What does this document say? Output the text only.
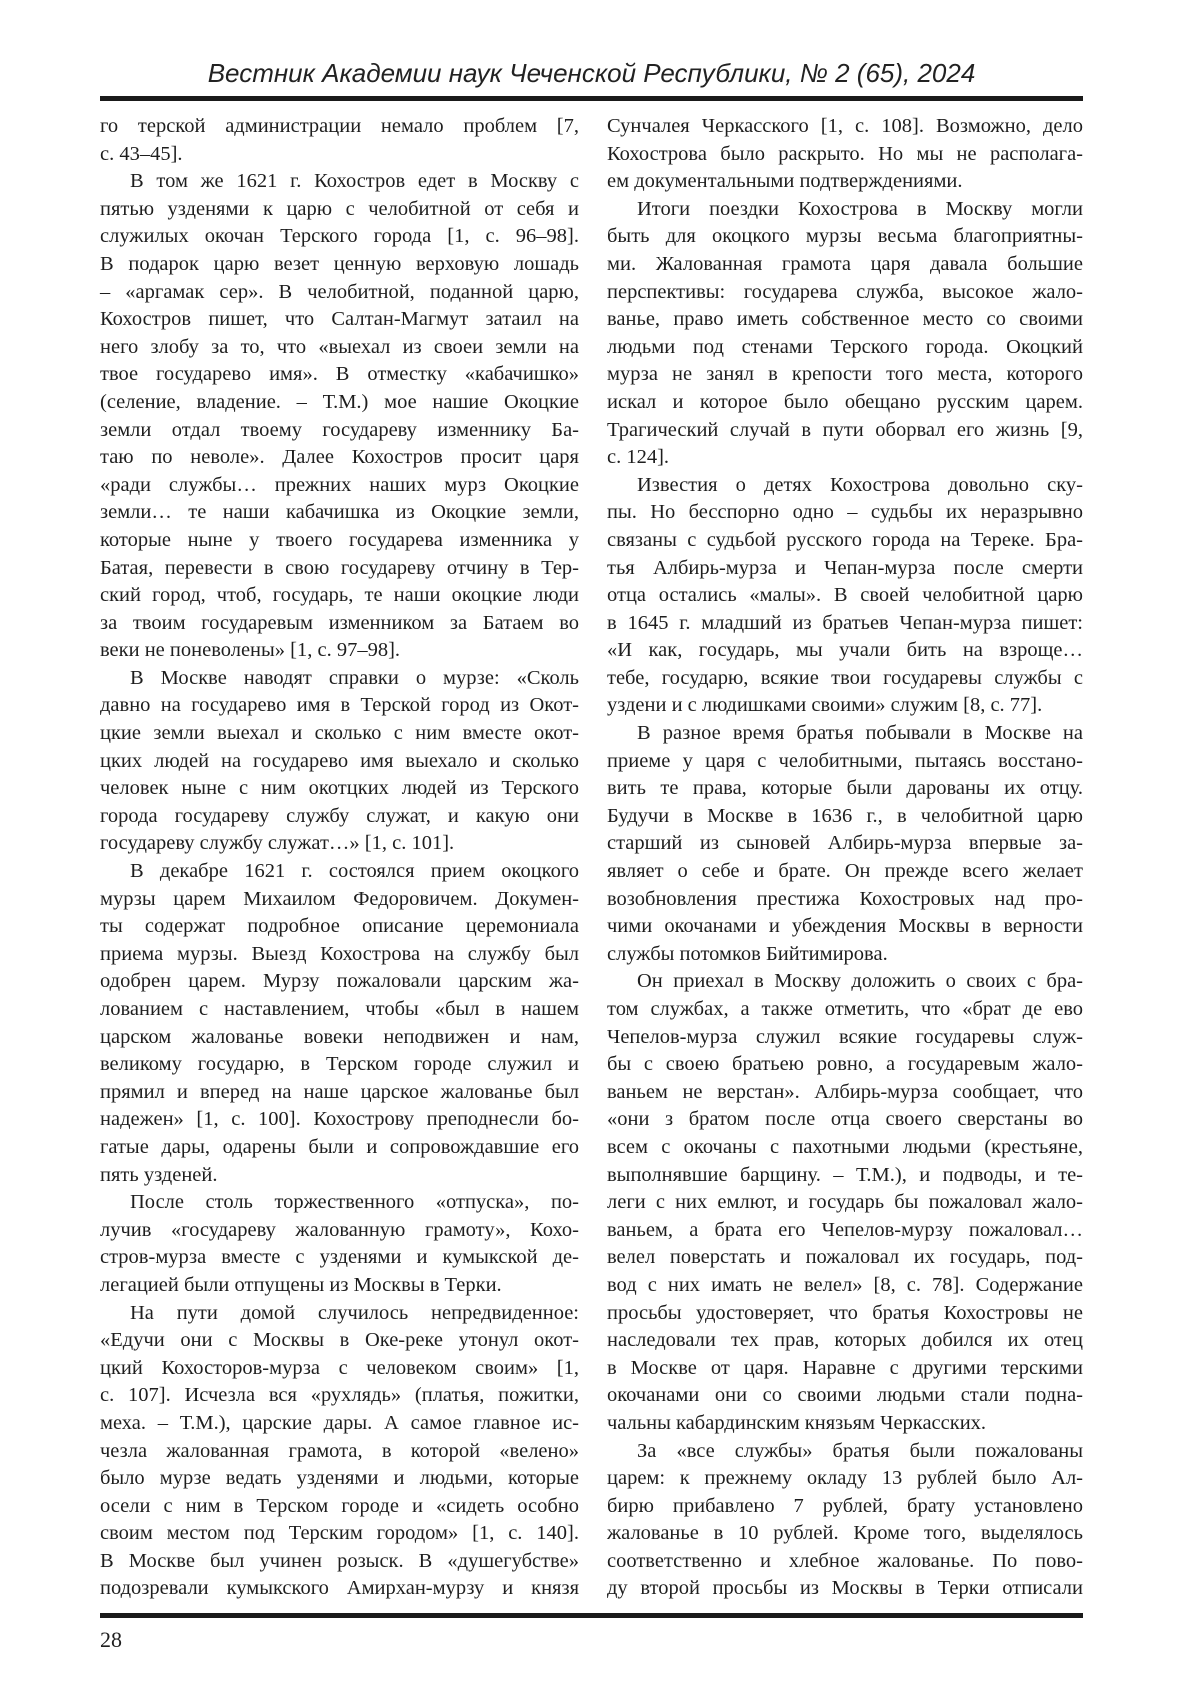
Вестник Академии наук Чеченской Республики, № 2 (65), 2024
го терской администрации немало проблем [7,
с. 43–45].
В том же 1621 г. Кохостров едет в Москву с
пятью узденями к царю с челобитной от себя и
служилых окочан Терского города [1, с. 96–98].
В подарок царю везет ценную верховую лошадь
– «аргамак сер». В челобитной, поданной царю,
Кохостров пишет, что Салтан-Магмут затаил на
него злобу за то, что «выехал из своеи земли на
твое государево имя». В отместку «кабачишко»
(селение, владение. – Т.М.) мое нашие Окоцкие
земли отдал твоему государеву изменнику Ба-
таю по неволе». Далее Кохостров просит царя
«ради службы… прежних наших мурз Окоцкие
земли… те наши кабачишка из Окоцкие земли,
которые ныне у твоего государева изменника у
Батая, перевести в свою государеву отчину в Тер-
ский город, чтоб, государь, те наши окоцкие люди
за твоим государевым изменником за Батаем во
веки не поневолены» [1, с. 97–98].
В Москве наводят справки о мурзе: «Сколь
давно на государево имя в Терской город из Окот-
цкие земли выехал и сколько с ним вместе окот-
цких людей на государево имя выехало и сколько
человек ныне с ним окотцких людей из Терского
города государеву службу служат, и какую они
государеву службу служат…» [1, с. 101].
В декабре 1621 г. состоялся прием окоцкого
мурзы царем Михаилом Федоровичем. Докумен-
ты содержат подробное описание церемониала
приема мурзы. Выезд Кохострова на службу был
одобрен царем. Мурзу пожаловали царским жа-
лованием с наставлением, чтобы «был в нашем
царском жалованье вовеки неподвижен и нам,
великому государю, в Терском городе служил и
прямил и вперед на наше царское жалованье был
надежен» [1, с. 100]. Кохострову преподнесли бо-
гатые дары, одарены были и сопровождавшие его
пять узденей.
После столь торжественного «отпуска», по-
лучив «государеву жалованную грамоту», Кохо-
стров-мурза вместе с узденями и кумыкской де-
легацией были отпущены из Москвы в Терки.
На пути домой случилось непредвиденное:
«Едучи они с Москвы в Оке-реке утонул окот-
цкий Кохосторов-мурза с человеком своим» [1,
с. 107]. Исчезла вся «рухлядь» (платья, пожитки,
меха. – Т.М.), царские дары. А самое главное ис-
чезла жалованная грамота, в которой «велено»
было мурзе ведать узденями и людьми, которые
осели с ним в Терском городе и «сидеть особно
своим местом под Терским городом» [1, с. 140].
В Москве был учинен розыск. В «душегубстве»
подозревали кумыкского Амирхан-мурзу и князя
Сунчалея Черкасского [1, с. 108]. Возможно, дело
Кохострова было раскрыто. Но мы не располага-
ем документальными подтверждениями.
Итоги поездки Кохострова в Москву могли
быть для окоцкого мурзы весьма благоприятны-
ми. Жалованная грамота царя давала большие
перспективы: государева служба, высокое жало-
ванье, право иметь собственное место со своими
людьми под стенами Терского города. Окоцкий
мурза не занял в крепости того места, которого
искал и которое было обещано русским царем.
Трагический случай в пути оборвал его жизнь [9,
с. 124].
Известия о детях Кохострова довольно ску-
пы. Но бесспорно одно – судьбы их неразрывно
связаны с судьбой русского города на Тереке. Бра-
тья Албирь-мурза и Чепан-мурза после смерти
отца остались «малы». В своей челобитной царю
в 1645 г. младший из братьев Чепан-мурза пишет:
«И как, государь, мы учали бить на взроще…
тебе, государю, всякие твои государевы службы с
уздени и с людишками своими» служим [8, с. 77].
В разное время братья побывали в Москве на
приеме у царя с челобитными, пытаясь восстано-
вить те права, которые были дарованы их отцу.
Будучи в Москве в 1636 г., в челобитной царю
старший из сыновей Албирь-мурза впервые за-
являет о себе и брате. Он прежде всего желает
возобновления престижа Кохостровых над про-
чими окочанами и убеждения Москвы в верности
службы потомков Бийтимирова.
Он приехал в Москву доложить о своих с бра-
том службах, а также отметить, что «брат де ево
Чепелов-мурза служил всякие государевы служ-
бы с своею братьею ровно, а государевым жало-
ваньем не верстан». Албирь-мурза сообщает, что
«они з братом после отца своего сверстаны во
всем с окочаны с пахотными людьми (крестьяне,
выполнявшие барщину. – Т.М.), и подводы, и те-
леги с них емлют, и государь бы пожаловал жало-
ваньем, а брата его Чепелов-мурзу пожаловал…
велел поверстать и пожаловал их государь, под-
вод с них имать не велел» [8, с. 78]. Содержание
просьбы удостоверяет, что братья Кохостровы не
наследовали тех прав, которых добился их отец
в Москве от царя. Наравне с другими терскими
окочанами они со своими людьми стали подна-
чальны кабардинским князьям Черкасских.
За «все службы» братья были пожалованы
царем: к прежнему окладу 13 рублей было Ал-
бирю прибавлено 7 рублей, брату установлено
жалованье в 10 рублей. Кроме того, выделялось
соответственно и хлебное жалованье. По пово-
ду второй просьбы из Москвы в Терки отписали
28
